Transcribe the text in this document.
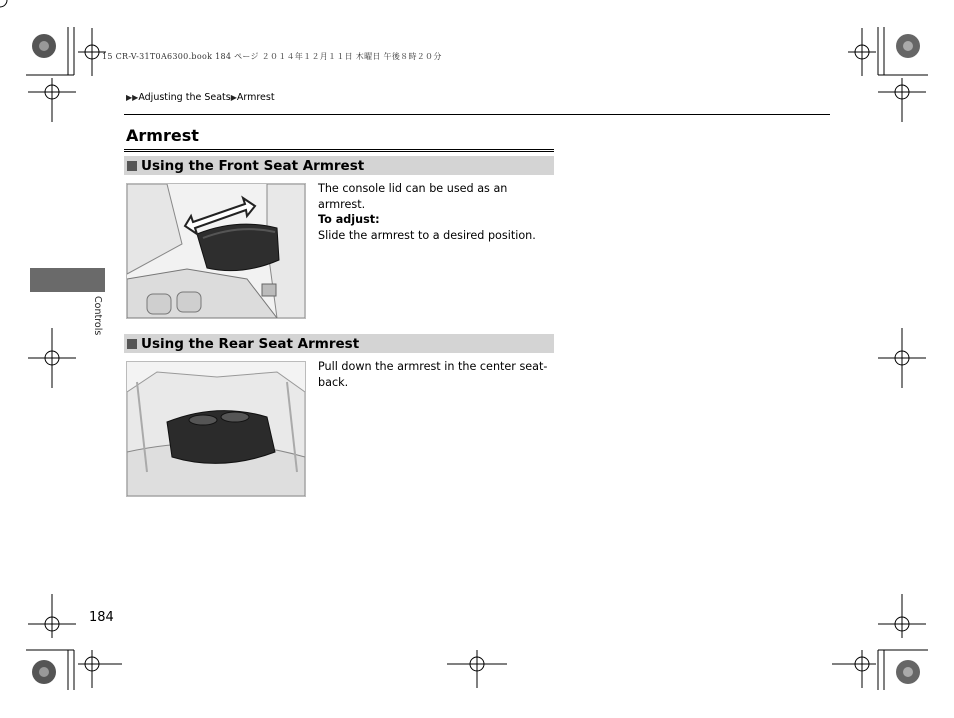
15 CR-V-31T0A6300.book 184 ページ ２０１４年１２月１１日 木曜日 午後８時２０分
▶▶Adjusting the Seats▶Armrest
Armrest
Using the Front Seat Armrest
The console lid can be used as an armrest.
To adjust:
Slide the armrest to a desired position.
Using the Rear Seat Armrest
Pull down the armrest in the center seat-back.
Controls
184
